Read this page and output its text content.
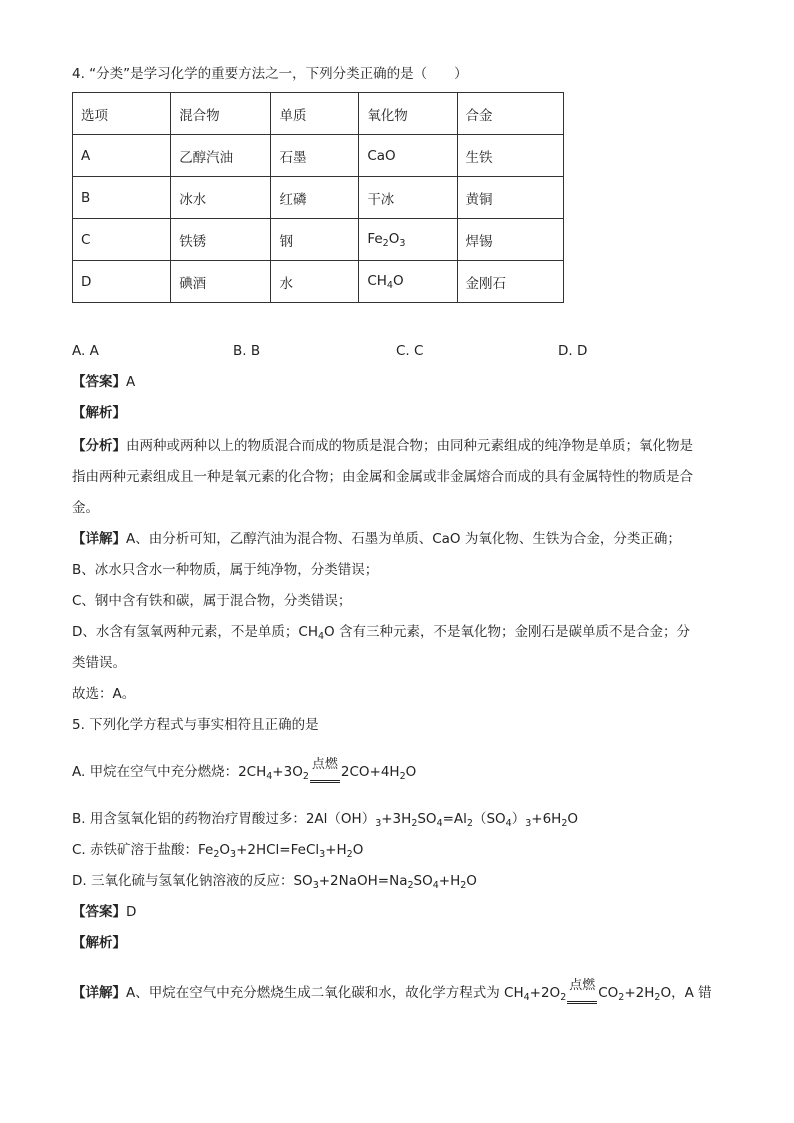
4. “分类”是学习化学的重要方法之一，下列分类正确的是（　　）
选项	混合物	单质	氧化物	合金
A	乙醇汽油	石墨	CaO	生铁
B	冰水	红磷	干冰	黄铜
C	铁锈	钢	$Fe_2O_3$	焊锡
D	碘酒	水	$CH_4O$	金刚石
A. A	B. B	C. C	D. D
【答案】A
【解析】
【分析】由两种或两种以上的物质混合而成的物质是混合物；由同种元素组成的纯净物是单质；氧化物是
指由两种元素组成且一种是氧元素的化合物；由金属和金属或非金属熔合而成的具有金属特性的物质是合
金。
【详解】A、由分析可知，乙醇汽油为混合物、石墨为单质、CaO 为氧化物、生铁为合金，分类正确；
B、冰水只含水一种物质，属于纯净物，分类错误；
C、钢中含有铁和碳，属于混合物，分类错误；
D、水含有氢氧两种元素，不是单质；$CH_4O$ 含有三种元素，不是氧化物；金刚石是碳单质不是合金；分
类错误。
故选：A。
5. 下列化学方程式与事实相符且正确的是
A. 甲烷在空气中充分燃烧：$2CH_4+3O_2$
点燃 $2CO+4H_2O$
B. 用含氢氧化铝的药物治疗胃酸过多：$2Al(OH)_3+3H_2SO_4=Al_2(SO_4)_3+6H_2O$
C. 赤铁矿溶于盐酸：$Fe_2O_3+2HCl=FeCl_3+H_2O$
D. 三氧化硫与氢氧化钠溶液的反应：$SO_3+2NaOH=Na_2SO_4+H_2O$
【答案】D
【解析】
【详解】A、甲烷在空气中充分燃烧生成二氧化碳和水，故化学方程式为 $CH_4+2O_2$
点燃 $CO_2+2H_2O$，A 错
